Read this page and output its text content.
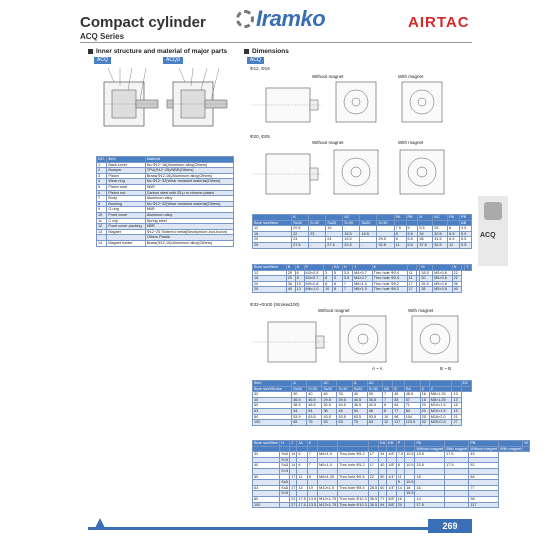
Compact cylinder
ACQ Series
Iramko	AIRTAC
Inner structure and material of major parts	Dimensions
ACQ	ACQS
NO.	Item	Material
1	Back cover	No:Φ12~16(Aluminum alloy(Others)
2	Bumper	TPU(Φ12~25)/NBR(Others)
3	Piston	Brass(Φ12,16)/Aluminum alloy(Others)
4	Wear ring	No:Φ12~32(Wear resistant material(Others)
5	Piston seal	NBR
6	Piston rod	Carbon steel with 25 μ m chrome plated
7	Body	Aluminum alloy
8	Bushing	No:Φ12~32(Wear resistant material(Others)
9	O-ring	NBR
10	Front cover	Aluminum alloy
11	C clip	Spring steel
12	Front cover packing	NBR
13	Magnet	Φ12~25 Sintered metal(Neodymium-iron-boron)
		Others Plastic
14	Magnet holder	Brass(Φ12,16)/Aluminum alloy(Others)
ACQ
Φ12, Φ16
Without magnet	With magnet
Φ20, Φ25
Without magnet	With magnet
	A			AC			PA	PB	A	AC	PA	PB
Bore size\Item	S≤30	S>30	S≤30	S>30	S≤30	S>30						AB
12	20.5	-	15	-			7.5	5	5.5	26	6	3.5
16	22	23		16.5	16.5		8	5.5	34	30.5	6.5	5.5
20	24	-	24	19.5	-	29.5	8	5.5	36	31.5	6.5	5.5
25	27.5	-	27.5	22.5	-	32.5	11	5.5	37.5	32.5	11	5.5
Bore size\Item	B	D	E		EA	H	J	K			M		N		T
12	25	6	M3×0.5	3	5	3.5	M4×0.7	Thru hole Φ3.4	11		18.5	M5×0.8	22		
16	29	8	M4×0.7	8	5	3.5	M4×0.7	Thru hole Φ3.4	11		20	M5×0.8	22		
20	36	10	M5×0.8	8	8	7	M6×1.0	Thru hole Φ5.2	17		25.5	M5×0.8	36		
25	40	12	M6×1.0	10	8	7	M6×1.0	Thru hole Φ5.2	17		28	M5×0.8	40		
Φ32~Φ100 (Stroke≤100)
Without magnet	With magnet
A ~ A	B ~ B
Item	A		AC		A	AC							EA
Bore size\Stroke	S≤30	S>30	S≤30	S>30	S≤30	S>30	AB	B	EA	D	Z		
32	30	40	40	33	40	30	7	46	48.5	16	M8×1.25	13	
40	36.5	46.5	29.5	39.5	46.5	36.5	7	53	57	16	M8×1.25	13	
50	38.5	48.5	30.5	40.5	48.5	40.5	8	64	71	20	M10×1.5	15	
63	44	54	36	46	54	46	8	77	84	20	M10×1.5	15	
80	53.5	63.5	43.5	53.5	63.5	53.5	10	98	104	25	M16×2.0	21	
100	65	75	53	63	75	63	12	117	123.5	32	M20×2.5	27	
Bore size\Item	H	J	JA	K				KA	KB	P		PA		PB		W
												Without magnet	With magnet	Without magnet	With magnet	
32	S≤5	14	6	7	M6×1.0	Thru hole Φ5.2	17	34	1/8"	7.5	10.5	15.5	17.5	45		
	S>5															
40	S≤5	14	6	7	M6×1.0	Thru hole Φ5.2	17	40	1/8"	8	10.5	15.5	17.5	52		
	S>5															
50		17	11	8	M8×1.25	Thru hole Φ6.5	22	50	1/4"	11		18		64		
	S≤5									9	10.5					
63	S≤5	17	14	10	M10×1.5	Thru hole Φ8.5	28.5	60	1/4"	14	18	16		77		
	S>5										15.5					
80		22	17.5	13.5	M12×1.75	Thru hole Φ10.3	35.5	77	3/8"	16		14		98		
100		27	17.5	13.5	M12×1.75	Thru hole Φ10.3	35.5	94	3/8"	20		17.5		117		
ACQ
269
